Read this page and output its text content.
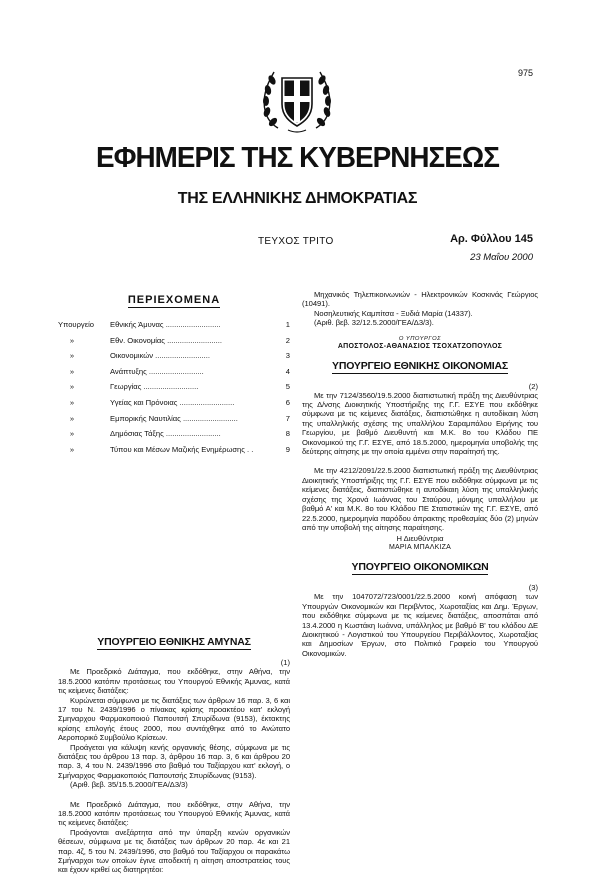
975
ΕΦΗΜΕΡΙΣ ΤΗΣ ΚΥΒΕΡΝΗΣΕΩΣ
ΤΗΣ ΕΛΛΗΝΙΚΗΣ ΔΗΜΟΚΡΑΤΙΑΣ
ΤΕΥΧΟΣ ΤΡΙΤΟ	Αρ. Φύλλου 145
23 Μαΐου 2000
ΠΕΡΙΕΧΟΜΕΝΑ
Υπουργείο	Εθνικής Άμυνας ..........................	1
»	Εθν. Οικονομίας ..........................	2
»	Οικονομικών ..........................	3
»	Ανάπτυξης ..........................	4
»	Γεωργίας ..........................	5
»	Υγείας και Πρόνοιας ..........................	6
»	Εμπορικής Ναυτιλίας ..........................	7
»	Δημόσιας Τάξης ..........................	8
»	Τύπου και Μέσων Μαζικής Ενημέρωσης . .	9
ΥΠΟΥΡΓΕΙΟ ΕΘΝΙΚΗΣ ΑΜΥΝΑΣ
(1)

Με Προεδρικό Διάταγμα, που εκδόθηκε, στην Αθήνα, την 18.5.2000 κατόπιν προτάσεως του Υπουργού Εθνικής Άμυνας, κατά τις κείμενες διατάξεις:

Κυρώνεται σύμφωνα με τις διατάξεις των άρθρων 16 παρ. 3, 6 και 17 του Ν. 2439/1996 ο πίνακας κρίσης προακτέου κατ' εκλογή Σμηναρχου Φαρμακοποιού Παπουτσή Σπυρίδωνα (9153), έκτακτης κρίσης επιλογής έτους 2000, που συντάχθηκε από το Ανώτατο Αεροπορικό Συμβούλιο Κρίσεων.

Προάγεται για κάλυψη κενής οργανικής θέσης, σύμφωνα με τις διατάξεις του άρθρου 13 παρ. 3, άρθρου 16 παρ. 3, 6 και άρθρου 20 παρ. 3, 4 του Ν. 2439/1996 στο βαθμό του Ταξίαρχου κατ' εκλογή, ο Σμήναρχος Φαρμακοποιός Παπουτσής Σπυρίδωνας (9153).

(Αριθ. βεβ. 35/15.5.2000/ΓΕΑ/Δ3/3)

Με Προεδρικό Διάταγμα, που εκδόθηκε, στην Αθήνα, την 18.5.2000 κατόπιν προτάσεως του Υπουργού Εθνικής Άμυνας, κατά τις κείμενες διατάξεις:

Προάγονται ανεξάρτητα από την ύπαρξη κενών οργανικών θέσεων, σύμφωνα με τις διατάξεις των άρθρων 20 παρ. 4ε και 21 παρ. 4ζ, 5 του Ν. 2439/1996, στο βαθμό του Ταξίαρχου οι παρακάτω Σμήναρχοι των οποίων έγινε αποδεκτή η αίτηση αποστρατείας τους και έχουν κριθεί ως διατηρητέοι:

Μηχανικός Τηλεπικοινωνιών - Ηλεκτρονικών Κοσκινάς Γεώργιος (10491).

Νοσηλευτικής Καμπίτσα - Ξυδιά Μαρία (14337).

(Αριθ. βεβ. 32/12.5.2000/ΓΕΑ/Δ3/3).

Ο ΥΠΟΥΡΓΟΣ
ΑΠΟΣΤΟΛΟΣ-ΑΘΑΝΑΣΙΟΣ ΤΣΟΧΑΤΖΟΠΟΥΛΟΣ
ΥΠΟΥΡΓΕΙΟ ΕΘΝΙΚΗΣ ΟΙΚΟΝΟΜΙΑΣ
(2)

Με την 7124/3560/19.5.2000 διαπιστωτική πράξη της Διευθύντριας της Δ/νσης Διοικητικής Υποστήριξης της Γ.Γ. ΕΣΥΕ που εκδόθηκε σύμφωνα με τις κείμενες διατάξεις, διαπιστώθηκε η αυτοδίκαιη λύση της υπαλληλικής σχέσης της υπαλλήλου Σαραμπάλου Ειρήνης του Γεωργίου, με βαθμό Διευθυντή και Μ.Κ. 8ο του Κλάδου ΠΕ Οικονομικού της Γ.Γ. ΕΣΥΕ, από 18.5.2000, ημερομηνία υποβολής της δεύτερης αίτησης με την οποία εμμένει στην παραίτησή της.

Με την 4212/2091/22.5.2000 διαπιστωτική πράξη της Διευθύντριας Διοικητικής Υποστήριξης της Γ.Γ. ΕΣΥΕ που εκδόθηκε σύμφωνα με τις κείμενες διατάξεις, διαπιστώθηκε η αυτοδίκαιη λύση της υπαλληλικής σχέσης της Χρονά Ιωάννας του Σταύρου, μόνιμης υπαλλήλου με βαθμό Α' και Μ.Κ. 8ο του Κλάδου ΠΕ Στατιστικών της Γ.Γ. ΕΣΥΕ, από 22.5.2000, ημερομηνία παρόδου άπρακτης προθεσμίας δύο (2) μηνών από την υποβολή της αίτησης παραίτησης.

Η Διευθύντρια
ΜΑΡΙΑ ΜΠΑΛΚΙΖΑ
ΥΠΟΥΡΓΕΙΟ ΟΙΚΟΝΟΜΙΚΩΝ
(3)

Με την 1047072/723/0001/22.5.2000 κοινή απόφαση των Υπουργών Οικονομικών και Περιβ/ντος, Χωροταξίας και Δημ. Έργων, που εκδόθηκε σύμφωνα με τις κείμενες διατάξεις, αποσπάται από 13.4.2000 η Κωστάκη Ιωάννα, υπάλληλος με βαθμό Β' του κλάδου ΔΕ Διοικητικού - Λογιστικού του Υπουργείου Περιβάλλοντος, Χωροταξίας και Δημοσίων Έργων, στο Πολιτικό Γραφείο του Υπουργού Οικονομικών.
